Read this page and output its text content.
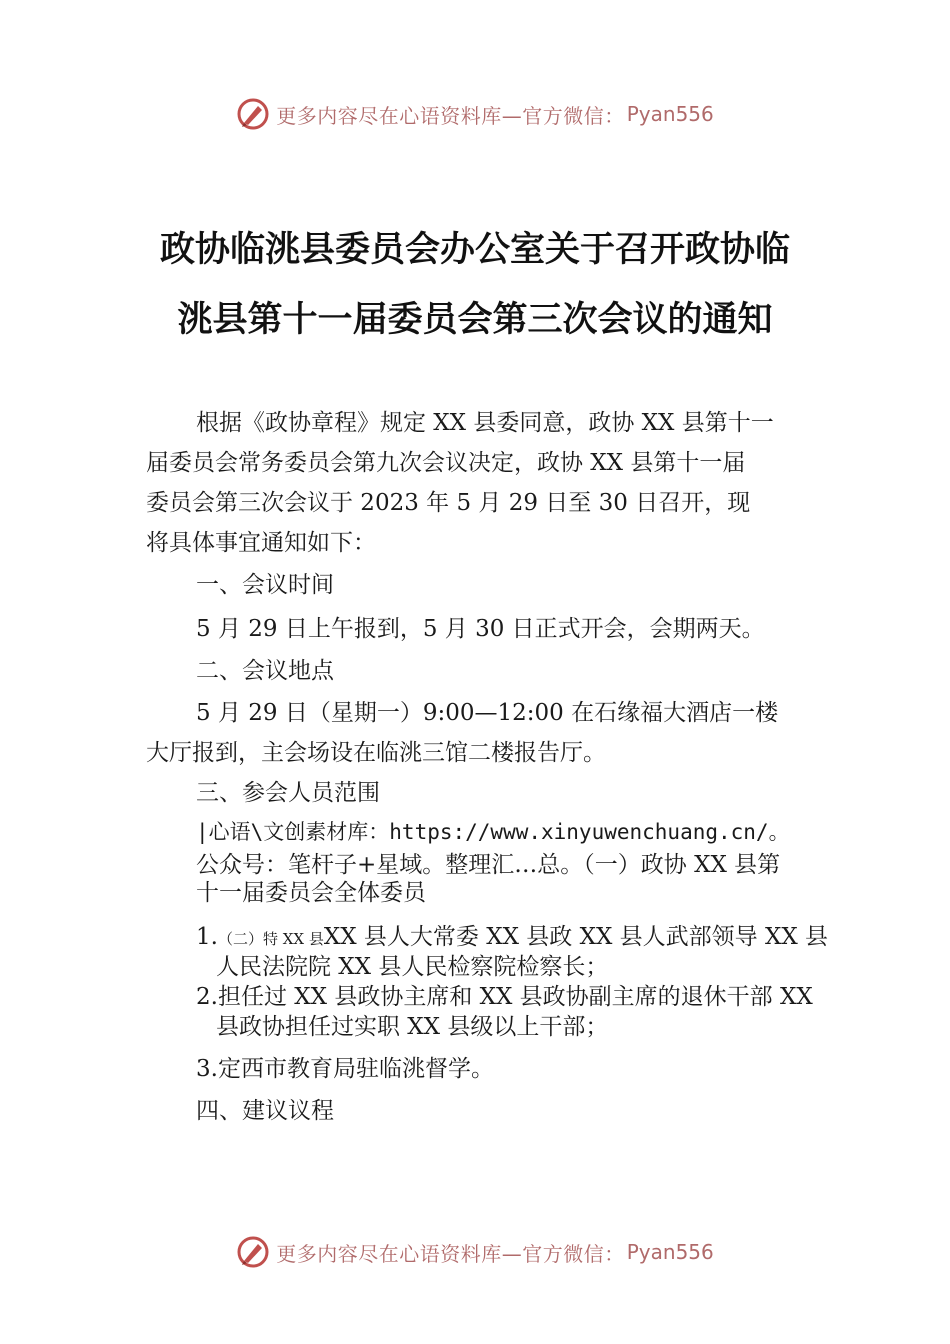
更多内容尽在心语资料库—官方微信： Pyan556
政协临洮县委员会办公室关于召开政协临
洮县第十一届委员会第三次会议的通知
根据《政协章程》规定 XX 县委同意，政协 XX 县第十一
届委员会常务委员会第九次会议决定，政协 XX 县第十一届
委员会第三次会议于 2023 年 5 月 29 日至 30 日召开，现
将具体事宜通知如下：
一、会议时间
5 月 29 日上午报到，5 月 30 日正式开会，会期两天。
二、会议地点
5 月 29 日（星期一）9:00—12:00 在石缘福大酒店一楼
大厅报到，主会场设在临洮三馆二楼报告厅。
三、参会人员范围
|心语\文创素材库：https://www.xinyuwenchuang.cn/。
公众号：笔杆子+星域。整理汇…总。（一）政协 XX 县第
十一届委员会全体委员
1.（二）特 XX 县XX 县人大常委 XX 县政 XX 县人武部领导 XX 县
人民法院院 XX 县人民检察院检察长；
2.担任过 XX 县政协主席和 XX 县政协副主席的退休干部 XX
县政协担任过实职 XX 县级以上干部；
3.定西市教育局驻临洮督学。
四、建议议程
更多内容尽在心语资料库—官方微信： Pyan556
